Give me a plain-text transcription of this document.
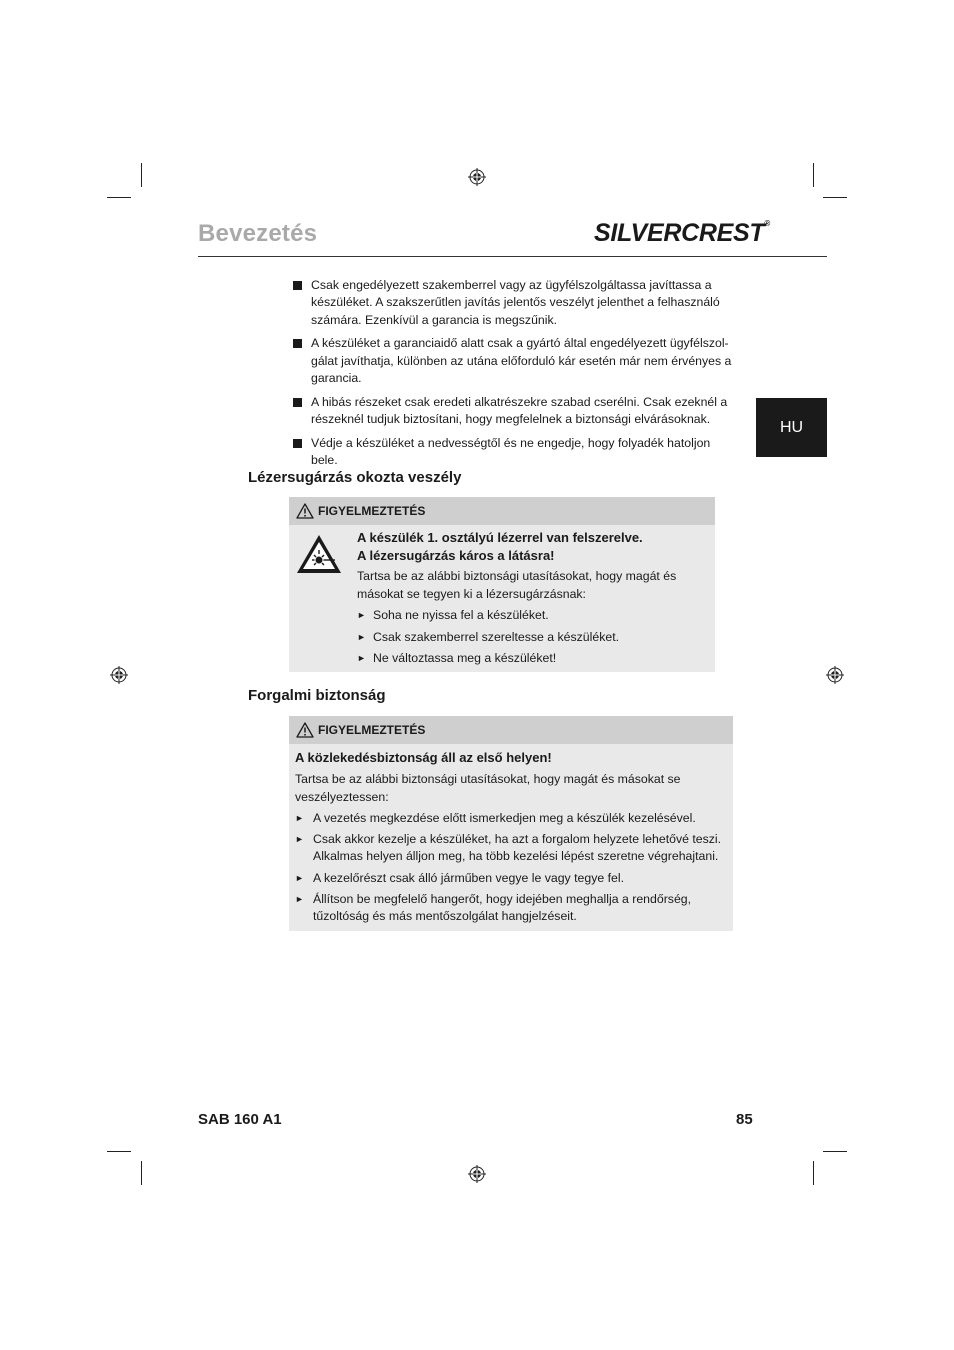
Bevezetés	SILVERCREST®
HU
Csak engedélyezett szakemberrel vagy az ügyfélszolgáltassa javíttassa a készüléket. A szakszerűtlen javítás jelentős veszélyt jelenthet a felhasználó számára. Ezenkívül a garancia is megszűnik.
A készüléket a garanciaidő alatt csak a gyártó által engedélyezett ügyfélszol-gálat javíthatja, különben az utána előforduló kár esetén már nem érvényes a garancia.
A hibás részeket csak eredeti alkatrészekre szabad cserélni. Csak ezeknél a részeknél tudjuk biztosítani, hogy megfelelnek a biztonsági elvárásoknak.
Védje a készüléket a nedvességtől és ne engedje, hogy folyadék hatoljon bele.
Lézersugárzás okozta veszély
FIGYELMEZTETÉS
A készülék 1. osztályú lézerrel van felszerelve.
A lézersugárzás káros a látásra!
Tartsa be az alábbi biztonsági utasításokat, hogy magát és másokat se tegyen ki a lézersugárzásnak:
► Soha ne nyissa fel a készüléket.
► Csak szakemberrel szereltesse a készüléket.
► Ne változtassa meg a készüléket!
Forgalmi biztonság
FIGYELMEZTETÉS
A közlekedésbiztonság áll az első helyen!
Tartsa be az alábbi biztonsági utasításokat, hogy magát és másokat se veszélyeztessen:
► A vezetés megkezdése előtt ismerkedjen meg a készülék kezelésével.
► Csak akkor kezelje a készüléket, ha azt a forgalom helyzete lehetővé teszi. Alkalmas helyen álljon meg, ha több kezelési lépést szeretne végrehajtani.
► A kezelőrészt csak álló járműben vegye le vagy tegye fel.
► Állítson be megfelelő hangerőt, hogy idejében meghallja a rendőrség, tűzoltóság és más mentőszolgálat hangjelzéseit.
SAB 160 A1	85
